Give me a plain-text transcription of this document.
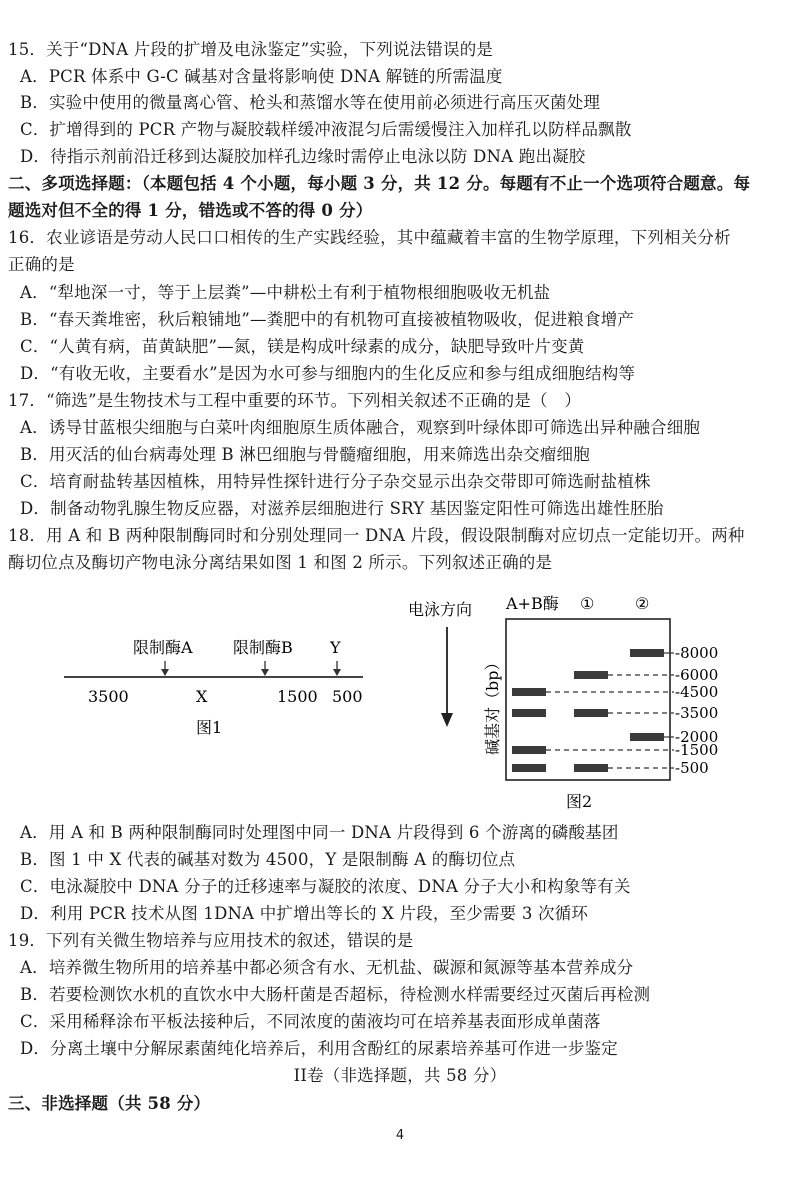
15．关于“DNA 片段的扩增及电泳鉴定”实验，下列说法错误的是
A．PCR 体系中 G-C 碱基对含量将影响使 DNA 解链的所需温度
B．实验中使用的微量离心管、枪头和蒸馏水等在使用前必须进行高压灭菌处理
C．扩增得到的 PCR 产物与凝胶载样缓冲液混匀后需缓慢注入加样孔以防样品飘散
D．待指示剂前沿迁移到达凝胶加样孔边缘时需停止电泳以防 DNA 跑出凝胶
二、多项选择题：（本题包括 4 个小题，每小题 3 分，共 12 分。每题有不止一个选项符合题意。每
题选对但不全的得 1 分，错选或不答的得 0 分）
16．农业谚语是劳动人民口口相传的生产实践经验，其中蕴藏着丰富的生物学原理，下列相关分析
正确的是
A．“犁地深一寸，等于上层粪”—中耕松土有利于植物根细胞吸收无机盐
B．“春天粪堆密，秋后粮铺地”—粪肥中的有机物可直接被植物吸收，促进粮食增产
C．“人黄有病，苗黄缺肥”—氮，镁是构成叶绿素的成分，缺肥导致叶片变黄
D．“有收无收，主要看水”是因为水可参与细胞内的生化反应和参与组成细胞结构等
17．“筛选”是生物技术与工程中重要的环节。下列相关叙述不正确的是（　）
A．诱导甘蓝根尖细胞与白菜叶肉细胞原生质体融合，观察到叶绿体即可筛选出异种融合细胞
B．用灭活的仙台病毒处理 B 淋巴细胞与骨髓瘤细胞，用来筛选出杂交瘤细胞
C．培育耐盐转基因植株，用特异性探针进行分子杂交显示出杂交带即可筛选耐盐植株
D．制备动物乳腺生物反应器，对滋养层细胞进行 SRY 基因鉴定阳性可筛选出雄性胚胎
18．用 A 和 B 两种限制酶同时和分别处理同一 DNA 片段，假设限制酶对应切点一定能切开。两种
酶切位点及酶切产物电泳分离结果如图 1 和图 2 所示。下列叙述正确的是
限制酶A	限制酶B Y
3500	X	1500 500
图1
电泳方向 A+B酶 ①	②
碱基对（bp）
-8000
-6000
-4500
-3500
-2000
-1500
-500
图2
A．用 A 和 B 两种限制酶同时处理图中同一 DNA 片段得到 6 个游离的磷酸基团
B．图 1 中 X 代表的碱基对数为 4500，Y 是限制酶 A 的酶切位点
C．电泳凝胶中 DNA 分子的迁移速率与凝胶的浓度、DNA 分子大小和构象等有关
D．利用 PCR 技术从图 1DNA 中扩增出等长的 X 片段，至少需要 3 次循环
19．下列有关微生物培养与应用技术的叙述，错误的是
A．培养微生物所用的培养基中都必须含有水、无机盐、碳源和氮源等基本营养成分
B．若要检测饮水机的直饮水中大肠杆菌是否超标，待检测水样需要经过灭菌后再检测
C．采用稀释涂布平板法接种后，不同浓度的菌液均可在培养基表面形成单菌落
D．分离土壤中分解尿素菌纯化培养后，利用含酚红的尿素培养基可作进一步鉴定
II卷（非选择题，共 58 分）
三、非选择题（共 58 分）
4
